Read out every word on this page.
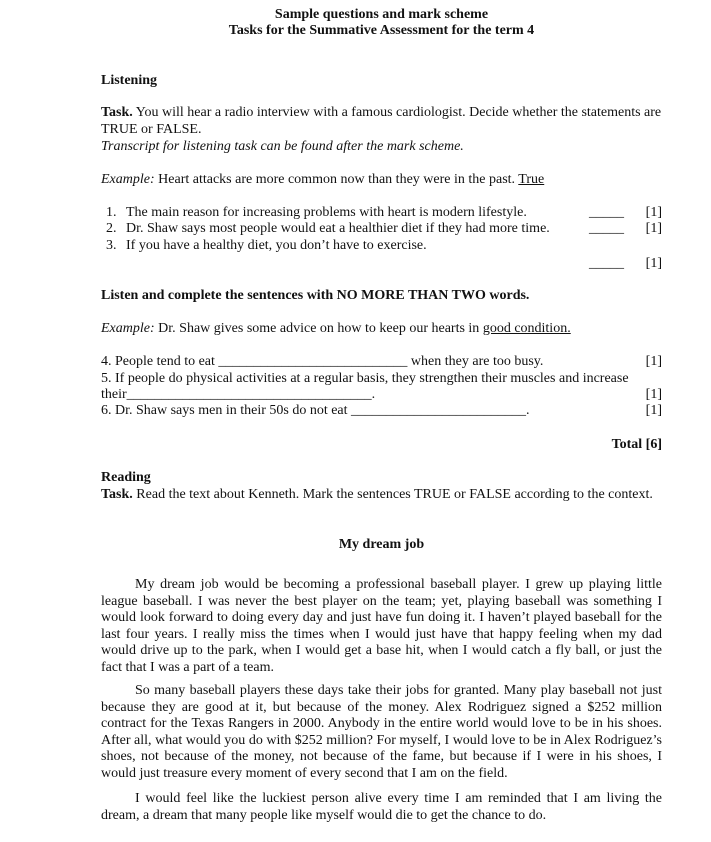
Sample questions and mark scheme
Tasks for the Summative Assessment for the term 4
Listening
Task. You will hear a radio interview with a famous cardiologist. Decide whether the statements are TRUE or FALSE.
Transcript for listening task can be found after the mark scheme.
Example: Heart attacks are more common now than they were in the past. True
1. The main reason for increasing problems with heart is modern lifestyle.	_____ [1]
2. Dr. Shaw says most people would eat a healthier diet if they had more time.	_____ [1]
3. If you have a healthy diet, you don’t have to exercise.
_____ [1]
Listen and complete the sentences with NO MORE THAN TWO words.
Example: Dr. Shaw gives some advice on how to keep our hearts in good condition.
4. People tend to eat ___________________________ when they are too busy.	[1]
5. If people do physical activities at a regular basis, they strengthen their muscles and increase
their___________________________________.	[1]
6. Dr. Shaw says men in their 50s do not eat _________________________.	[1]
Total [6]
Reading
Task. Read the text about Kenneth. Mark the sentences TRUE or FALSE according to the context.
My dream job

My dream job would be becoming a professional baseball player. I grew up playing little league baseball. I was never the best player on the team; yet, playing baseball was something I would look forward to doing every day and just have fun doing it. I haven’t played baseball for the last four years. I really miss the times when I would just have that happy feeling when my dad would drive up to the park, when I would get a base hit, when I would catch a fly ball, or just the fact that I was a part of a team.

So many baseball players these days take their jobs for granted. Many play baseball not just because they are good at it, but because of the money. Alex Rodriguez signed a $252 million contract for the Texas Rangers in 2000. Anybody in the entire world would love to be in his shoes. After all, what would you do with $252 million? For myself, I would love to be in Alex Rodriguez’s shoes, not because of the money, not because of the fame, but because if I were in his shoes, I would just treasure every moment of every second that I am on the field.

I would feel like the luckiest person alive every time I am reminded that I am living the dream, a dream that many people like myself would die to get the chance to do.
